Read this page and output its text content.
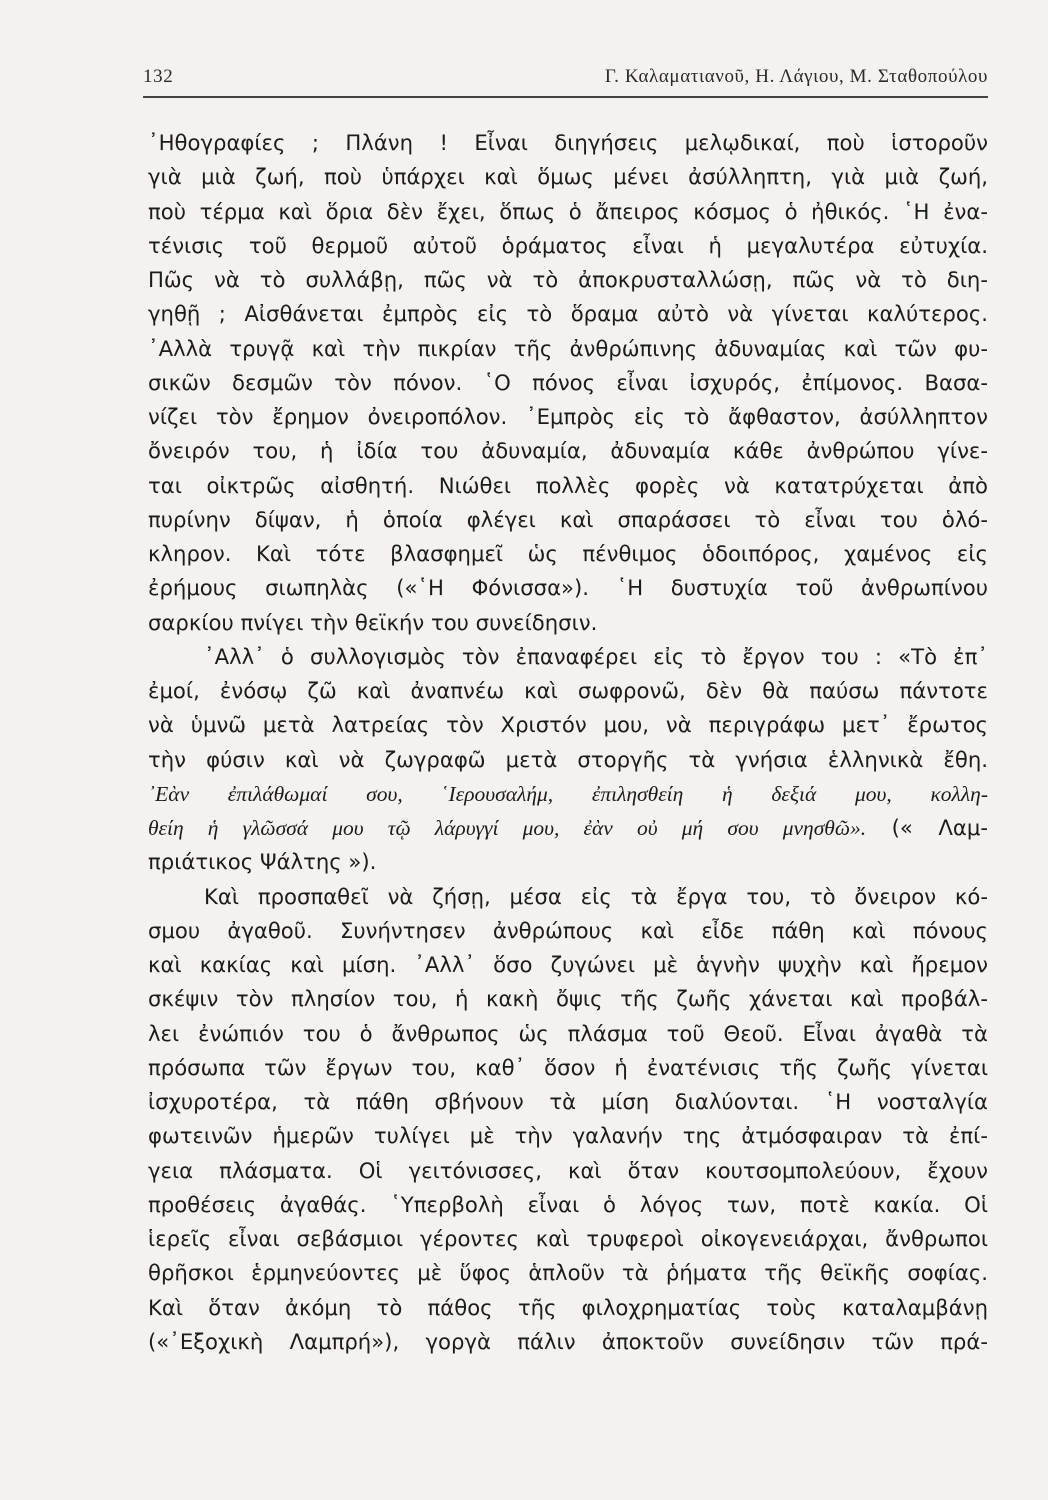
132	Γ. Καλαματιανοῦ, Η. Λάγιου, Μ. Σταθοπούλου
᾿Ηθογραφίες ; Πλάνη ! Εἶναι διηγήσεις μελῳδικαί, ποὺ ἱστοροῦν
γιὰ μιὰ ζωή, ποὺ ὑπάρχει καὶ ὅμως μένει ἀσύλληπτη, γιὰ μιὰ ζωή,
ποὺ τέρμα καὶ ὅρια δὲν ἔχει, ὅπως ὁ ἄπειρος κόσμος ὁ ἠθικός. ῾Η ἐνα-
τένισις τοῦ θερμοῦ αὐτοῦ ὁράματος εἶναι ἡ μεγαλυτέρα εὐτυχία.
Πῶς νὰ τὸ συλλάβῃ, πῶς νὰ τὸ ἀποκρυσταλλώσῃ, πῶς νὰ τὸ διη-
γηθῇ ; Αἰσθάνεται ἐμπρὸς εἰς τὸ ὅραμα αὐτὸ νὰ γίνεται καλύτερος.
᾿Αλλὰ τρυγᾷ καὶ τὴν πικρίαν τῆς ἀνθρώπινης ἀδυναμίας καὶ τῶν φυ-
σικῶν δεσμῶν τὸν πόνον. ῾Ο πόνος εἶναι ἰσχυρός, ἐπίμονος. Βασα-
νίζει τὸν ἔρημον ὀνειροπόλον. ᾿Εμπρὸς εἰς τὸ ἄφθαστον, ἀσύλληπτον
ὄνειρόν του, ἡ ἰδία του ἀδυναμία, ἀδυναμία κάθε ἀνθρώπου γίνε-
ται οἰκτρῶς αἰσθητή. Νιώθει πολλὲς φορὲς νὰ κατατρύχεται ἀπὸ
πυρίνην δίψαν, ἡ ὁποία φλέγει καὶ σπαράσσει τὸ εἶναι του ὁλό-
κληρον. Καὶ τότε βλασφημεῖ ὡς πένθιμος ὁδοιπόρος, χαμένος εἰς
ἐρήμους σιωπηλὰς («῾Η Φόνισσα»). ῾Η δυστυχία τοῦ ἀνθρωπίνου
σαρκίου πνίγει τὴν θεϊκήν του συνείδησιν.
᾿Αλλ᾿ ὁ συλλογισμὸς τὸν ἐπαναφέρει εἰς τὸ ἔργον του : «Τὸ ἐπ᾿
ἐμοί, ἐνόσῳ ζῶ καὶ ἀναπνέω καὶ σωφρονῶ, δὲν θὰ παύσω πάντοτε
νὰ ὑμνῶ μετὰ λατρείας τὸν Χριστόν μου, νὰ περιγράφω μετ᾿ ἔρωτος
τὴν φύσιν καὶ νὰ ζωγραφῶ μετὰ στοργῆς τὰ γνήσια ἑλληνικὰ ἔθη.
᾿Εὰν ἐπιλάθωμαί σου, ῾Ιερουσαλήμ, ἐπιλησθείη ἡ δεξιά μου, κολλη-
θείη ἡ γλῶσσά μου τῷ λάρυγγί μου, ἐὰν οὐ μή σου μνησθῶ». (« Λαμ-
πριάτικος Ψάλτης »).
Καὶ προσπαθεῖ νὰ ζήσῃ, μέσα εἰς τὰ ἔργα του, τὸ ὄνειρον κό-
σμου ἀγαθοῦ. Συνήντησεν ἀνθρώπους καὶ εἶδε πάθη καὶ πόνους
καὶ κακίας καὶ μίση. ᾿Αλλ᾿ ὅσο ζυγώνει μὲ ἁγνὴν ψυχὴν καὶ ἤρεμον
σκέψιν τὸν πλησίον του, ἡ κακὴ ὄψις τῆς ζωῆς χάνεται καὶ προβάλ-
λει ἐνώπιόν του ὁ ἄνθρωπος ὡς πλάσμα τοῦ Θεοῦ. Εἶναι ἀγαθὰ τὰ
πρόσωπα τῶν ἔργων του, καθ᾿ ὅσον ἡ ἐνατένισις τῆς ζωῆς γίνεται
ἰσχυροτέρα, τὰ πάθη σβήνουν τὰ μίση διαλύονται. ῾Η νοσταλγία
φωτεινῶν ἡμερῶν τυλίγει μὲ τὴν γαλανήν της ἀτμόσφαιραν τὰ ἐπί-
γεια πλάσματα. Οἱ γειτόνισσες, καὶ ὅταν κουτσομπολεύουν, ἔχουν
προθέσεις ἀγαθάς. ῾Υπερβολὴ εἶναι ὁ λόγος των, ποτὲ κακία. Οἱ
ἱερεῖς εἶναι σεβάσμιοι γέροντες καὶ τρυφεροὶ οἰκογενειάρχαι, ἄνθρωποι
θρῆσκοι ἑρμηνεύοντες μὲ ὕφος ἁπλοῦν τὰ ῥήματα τῆς θεϊκῆς σοφίας.
Καὶ ὅταν ἀκόμη τὸ πάθος τῆς φιλοχρηματίας τοὺς καταλαμβάνῃ
(«᾿Εξοχικὴ Λαμπρή»), γοργὰ πάλιν ἀποκτοῦν συνείδησιν τῶν πρά-
